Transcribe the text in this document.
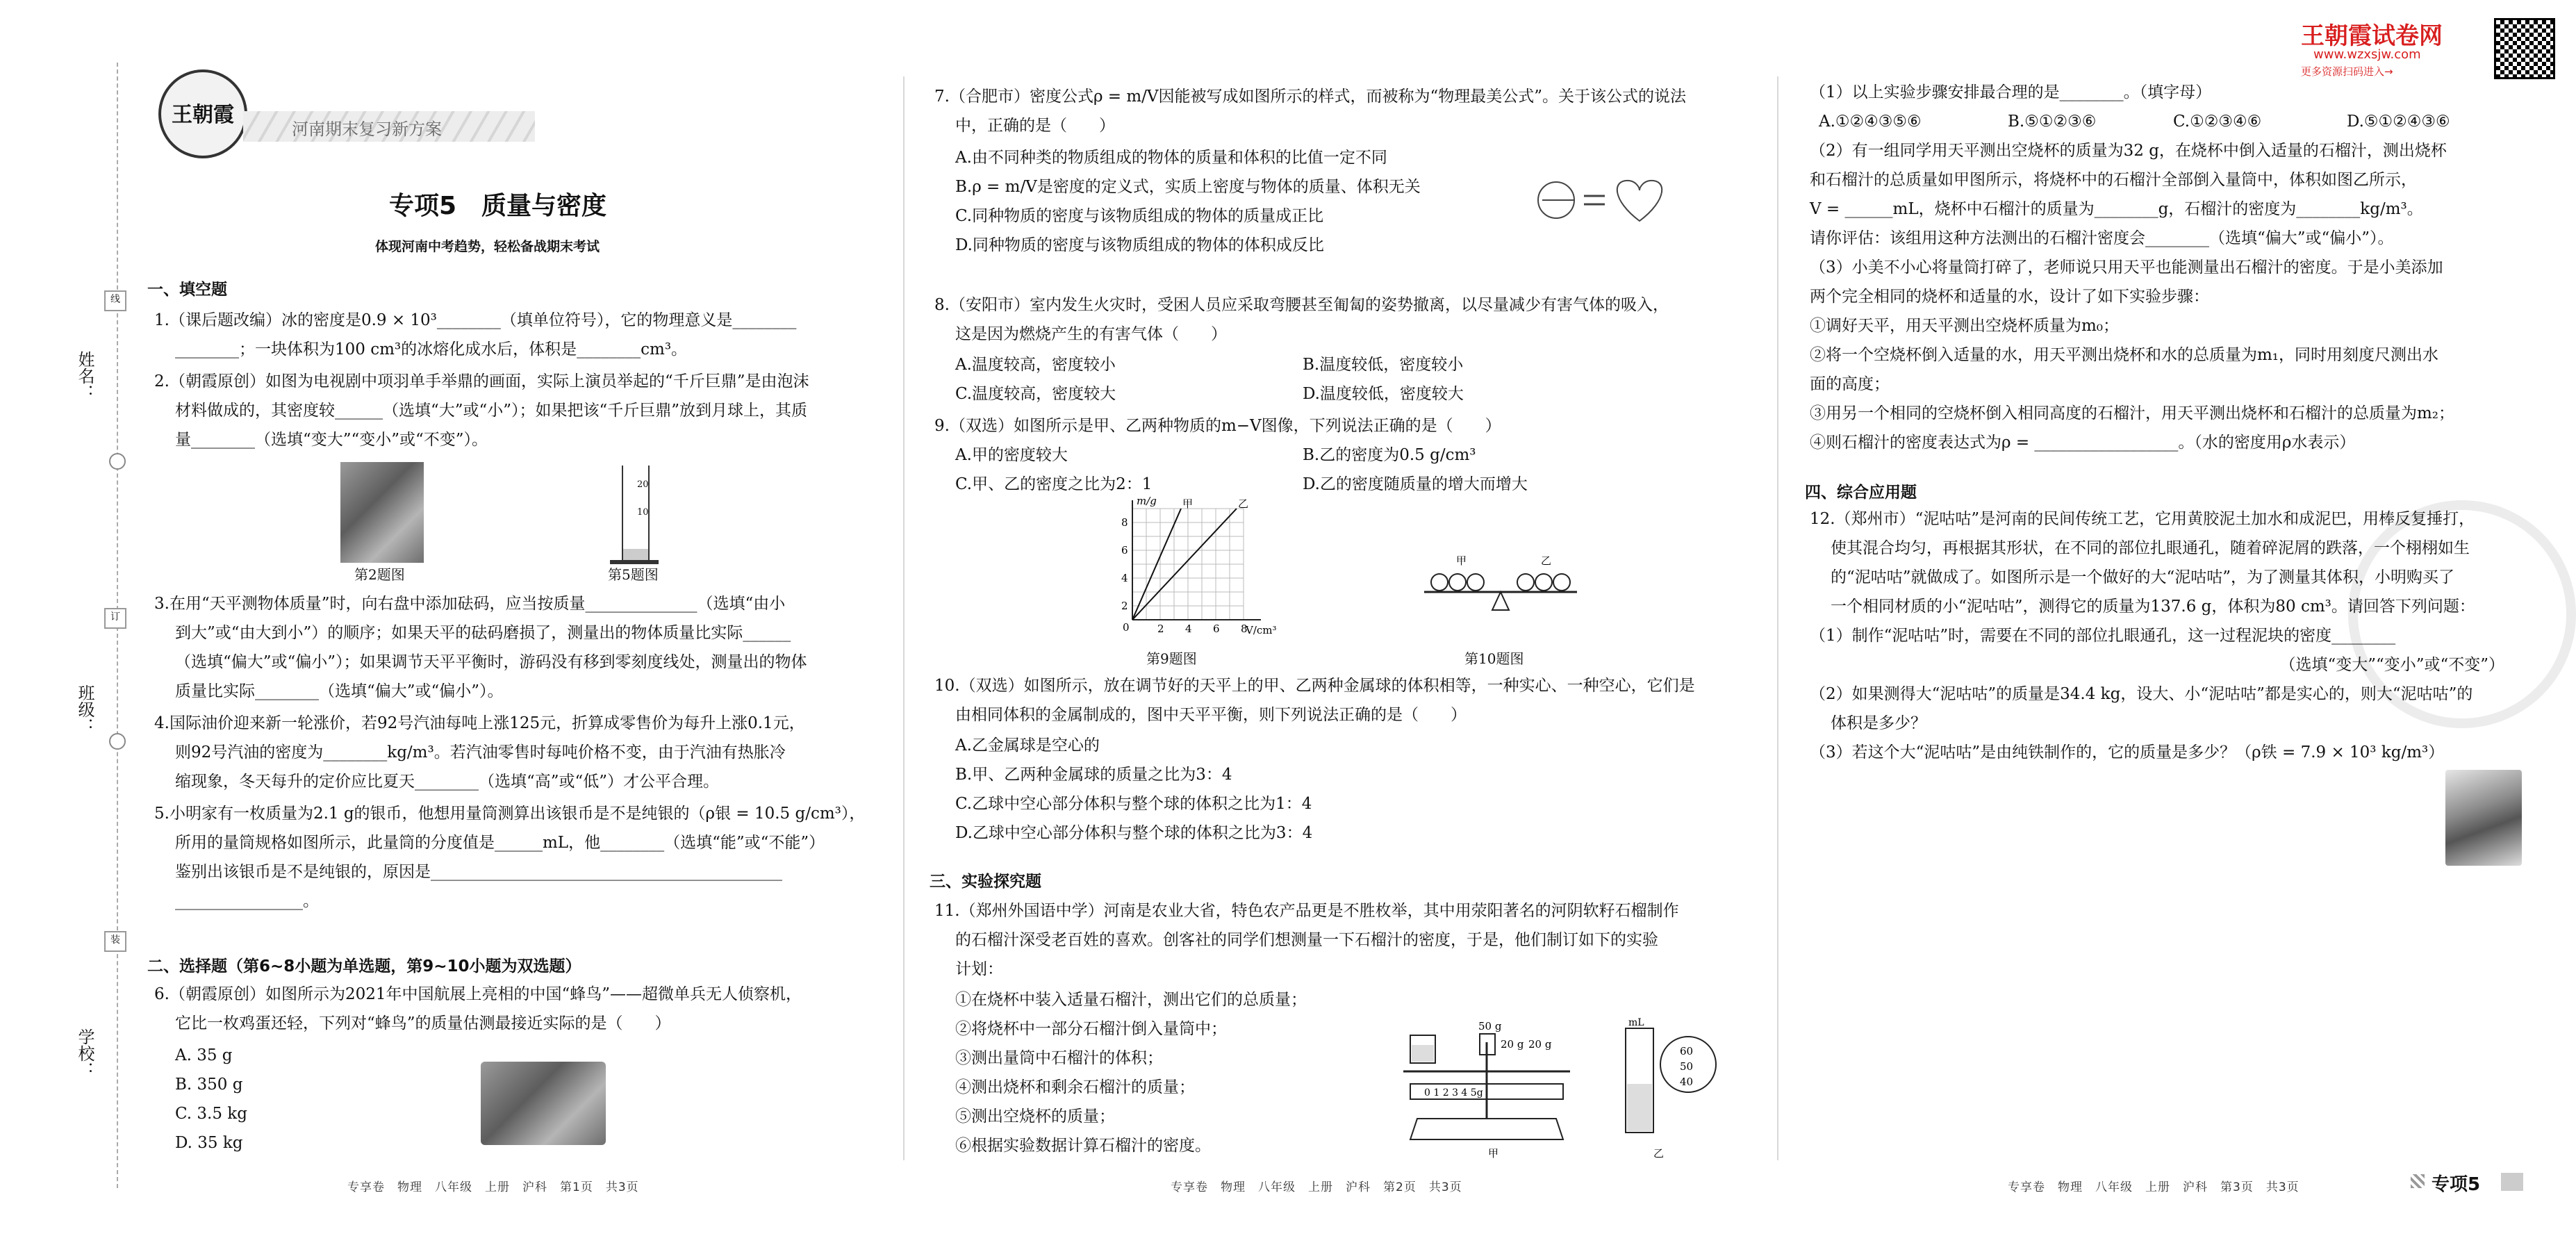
姓名：
班级：
学校：
线
订
装
王朝霞
河南期末复习新方案
专项5　质量与密度
体现河南中考趋势，轻松备战期末考试
一、填空题
1.（课后题改编）冰的密度是0.9 × 10³________（填单位符号），它的物理意义是________
________；一块体积为100 cm³的冰熔化成水后，体积是________cm³。
2.（朝霞原创）如图为电视剧中项羽单手举鼎的画面，实际上演员举起的“千斤巨鼎”是由泡沫
材料做成的，其密度较______（选填“大”或“小”）；如果把该“千斤巨鼎”放到月球上，其质
量________（选填“变大”“变小”或“不变”）。
第2题图
20
10
第5题图
3.在用“天平测物体质量”时，向右盘中添加砝码，应当按质量______________（选填“由小
到大”或“由大到小”）的顺序；如果天平的砝码磨损了，测量出的物体质量比实际______
（选填“偏大”或“偏小”）；如果调节天平平衡时，游码没有移到零刻度线处，测量出的物体
质量比实际________（选填“偏大”或“偏小”）。
4.国际油价迎来新一轮涨价，若92号汽油每吨上涨125元，折算成零售价为每升上涨0.1元，
则92号汽油的密度为________kg/m³。若汽油零售时每吨价格不变，由于汽油有热胀冷
缩现象，冬天每升的定价应比夏天________（选填“高”或“低”）才公平合理。
5.小明家有一枚质量为2.1 g的银币，他想用量筒测算出该银币是不是纯银的（ρ银 = 10.5 g/cm³），
所用的量筒规格如图所示，此量筒的分度值是______mL，他________（选填“能”或“不能”）
鉴别出该银币是不是纯银的，原因是____________________________________________
________________。
二、选择题（第6~8小题为单选题，第9~10小题为双选题）
6.（朝霞原创）如图所示为2021年中国航展上亮相的中国“蜂鸟”——超微单兵无人侦察机，
它比一枚鸡蛋还轻，下列对“蜂鸟”的质量估测最接近实际的是（　　）
A. 35 g
B. 350 g
C. 3.5 kg
D. 35 kg
专享卷　物理　八年级　上册　沪科　第1页　共3页
7.（合肥市）密度公式ρ = m/V因能被写成如图所示的样式，而被称为“物理最美公式”。关于该公式的说法
中，正确的是（　　）
A.由不同种类的物质组成的物体的质量和体积的比值一定不同
B.ρ = m/V是密度的定义式，实质上密度与物体的质量、体积无关
C.同种物质的密度与该物质组成的物体的质量成正比
D.同种物质的密度与该物质组成的物体的体积成反比
8.（安阳市）室内发生火灾时，受困人员应采取弯腰甚至匍匐的姿势撤离，以尽量减少有害气体的吸入，
这是因为燃烧产生的有害气体（　　）
A.温度较高，密度较小	B.温度较低，密度较小
C.温度较高，密度较大	D.温度较低，密度较大
9.（双选）如图所示是甲、乙两种物质的m−V图像，下列说法正确的是（　　）
A.甲的密度较大	B.乙的密度为0.5 g/cm³
C.甲、乙的密度之比为2：1	D.乙的密度随质量的增大而增大
m/g
V/cm³
甲	乙
8
6
4
2
0	2 4 6 8
第9题图
甲	乙
第10题图
10.（双选）如图所示，放在调节好的天平上的甲、乙两种金属球的体积相等，一种实心、一种空心，它们是
由相同体积的金属制成的，图中天平平衡，则下列说法正确的是（　　）
A.乙金属球是空心的
B.甲、乙两种金属球的质量之比为3：4
C.乙球中空心部分体积与整个球的体积之比为1：4
D.乙球中空心部分体积与整个球的体积之比为3：4
三、实验探究题
11.（郑州外国语中学）河南是农业大省，特色农产品更是不胜枚举，其中用荥阳著名的河阴软籽石榴制作
的石榴汁深受老百姓的喜欢。创客社的同学们想测量一下石榴汁的密度，于是，他们制订如下的实验
计划：
①在烧杯中装入适量石榴汁，测出它们的总质量；
②将烧杯中一部分石榴汁倒入量筒中；
③测出量筒中石榴汁的体积；
④测出烧杯和剩余石榴汁的质量；
⑤测出空烧杯的质量；
⑥根据实验数据计算石榴汁的密度。
50 g
20 g 20 g
0 1 2 3 4 5g
甲
mL
60
50
40
乙
专享卷　物理　八年级　上册　沪科　第2页　共3页
王朝霞试卷网
www.wzxsjw.com
更多资源扫码进入→
（1）以上实验步骤安排最合理的是________。（填字母）
A.①②④③⑤⑥	B.⑤①②③⑥	C.①②③④⑥	D.⑤①②④③⑥
（2）有一组同学用天平测出空烧杯的质量为32 g，在烧杯中倒入适量的石榴汁，测出烧杯
和石榴汁的总质量如甲图所示，将烧杯中的石榴汁全部倒入量筒中，体积如图乙所示，
V = ______mL，烧杯中石榴汁的质量为________g，石榴汁的密度为________kg/m³。
请你评估：该组用这种方法测出的石榴汁密度会________（选填“偏大”或“偏小”）。
（3）小美不小心将量筒打碎了，老师说只用天平也能测量出石榴汁的密度。于是小美添加
两个完全相同的烧杯和适量的水，设计了如下实验步骤：
①调好天平，用天平测出空烧杯质量为m₀；
②将一个空烧杯倒入适量的水，用天平测出烧杯和水的总质量为m₁，同时用刻度尺测出水
面的高度；
③用另一个相同的空烧杯倒入相同高度的石榴汁，用天平测出烧杯和石榴汁的总质量为m₂；
④则石榴汁的密度表达式为ρ = __________________。（水的密度用ρ水表示）
四、综合应用题
12.（郑州市）“泥咕咕”是河南的民间传统工艺，它用黄胶泥土加水和成泥巴，用棒反复捶打，
使其混合均匀，再根据其形状，在不同的部位扎眼通孔，随着碎泥屑的跌落，一个栩栩如生
的“泥咕咕”就做成了。如图所示是一个做好的大“泥咕咕”，为了测量其体积，小明购买了
一个相同材质的小“泥咕咕”，测得它的质量为137.6 g，体积为80 cm³。请回答下列问题：
（1）制作“泥咕咕”时，需要在不同的部位扎眼通孔，这一过程泥块的密度________
（选填“变大”“变小”或“不变”）
（2）如果测得大“泥咕咕”的质量是34.4 kg，设大、小“泥咕咕”都是实心的，则大“泥咕咕”的
体积是多少？
（3）若这个大“泥咕咕”是由纯铁制作的，它的质量是多少？（ρ铁 = 7.9 × 10³ kg/m³）
专享卷　物理　八年级　上册　沪科　第3页　共3页	专项5
